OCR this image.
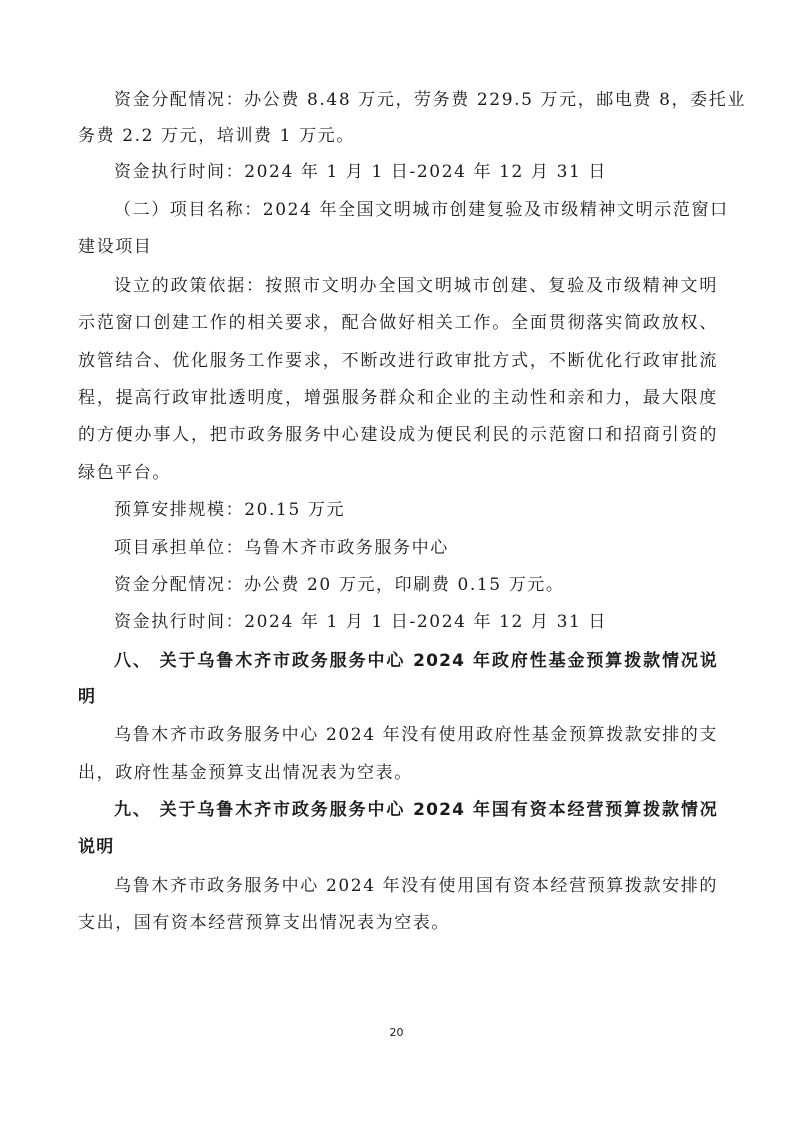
资金分配情况：办公费 8.48 万元，劳务费 229.5 万元，邮电费 8，委托业
务费 2.2 万元，培训费 1 万元。
资金执行时间：2024 年 1 月 1 日-2024 年 12 月 31 日
（二）项目名称：2024 年全国文明城市创建复验及市级精神文明示范窗口
建设项目
设立的政策依据：按照市文明办全国文明城市创建、复验及市级精神文明
示范窗口创建工作的相关要求，配合做好相关工作。全面贯彻落实简政放权、
放管结合、优化服务工作要求，不断改进行政审批方式，不断优化行政审批流
程，提高行政审批透明度，增强服务群众和企业的主动性和亲和力，最大限度
的方便办事人，把市政务服务中心建设成为便民利民的示范窗口和招商引资的
绿色平台。
预算安排规模：20.15 万元
项目承担单位：乌鲁木齐市政务服务中心
资金分配情况：办公费 20 万元，印刷费 0.15 万元。
资金执行时间：2024 年 1 月 1 日-2024 年 12 月 31 日
八、 关于乌鲁木齐市政务服务中心 2024 年政府性基金预算拨款情况说
明
乌鲁木齐市政务服务中心 2024 年没有使用政府性基金预算拨款安排的支
出，政府性基金预算支出情况表为空表。
九、 关于乌鲁木齐市政务服务中心 2024 年国有资本经营预算拨款情况
说明
乌鲁木齐市政务服务中心 2024 年没有使用国有资本经营预算拨款安排的
支出，国有资本经营预算支出情况表为空表。
20
